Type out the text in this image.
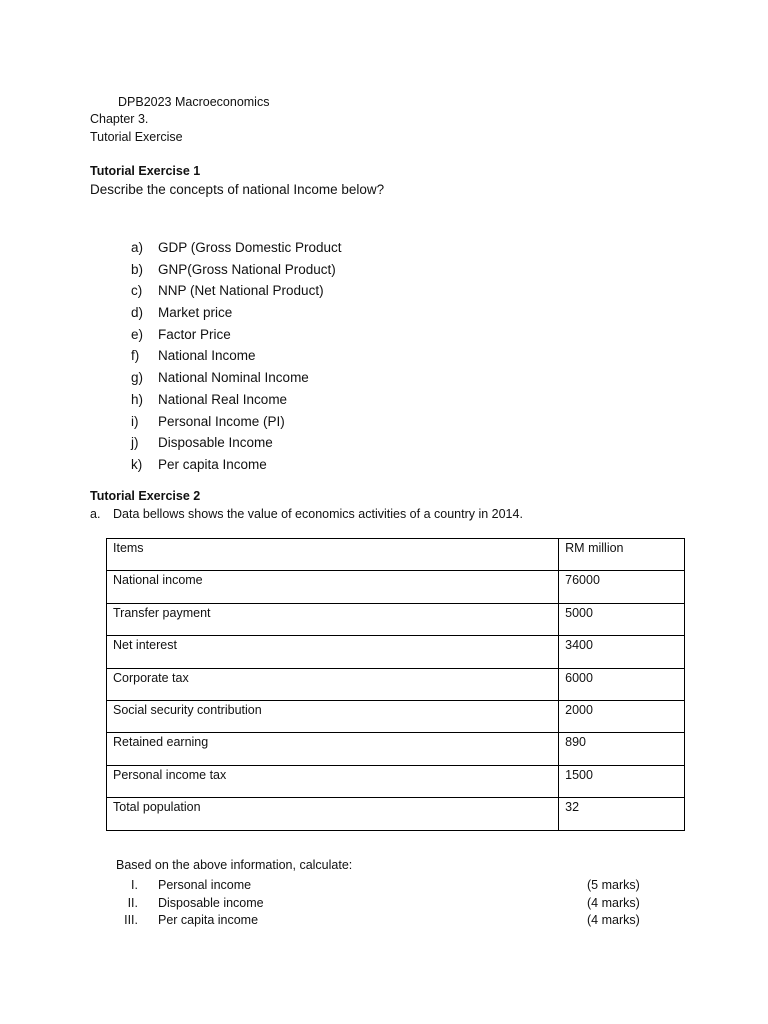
DPB2023 Macroeconomics
Chapter 3.
Tutorial Exercise
Tutorial Exercise 1
Describe the concepts of national Income below?
a)	GDP (Gross Domestic Product
b)	GNP(Gross National Product)
c)	NNP (Net National Product)
d)	Market price
e)	Factor Price
f)	National Income
g)	National Nominal Income
h)	National Real Income
i)	Personal Income (PI)
j)	Disposable Income
k)	Per capita Income
Tutorial Exercise 2
a. Data bellows shows the value of economics activities of a country in 2014.
Items	RM million
National income	76000
Transfer payment	5000
Net interest	3400
Corporate tax	6000
Social security contribution	2000
Retained earning	890
Personal income tax	1500
Total population	32
Based on the above information, calculate:
I. Personal income	(5 marks)
II. Disposable income	(4 marks)
III. Per capita income	(4 marks)
